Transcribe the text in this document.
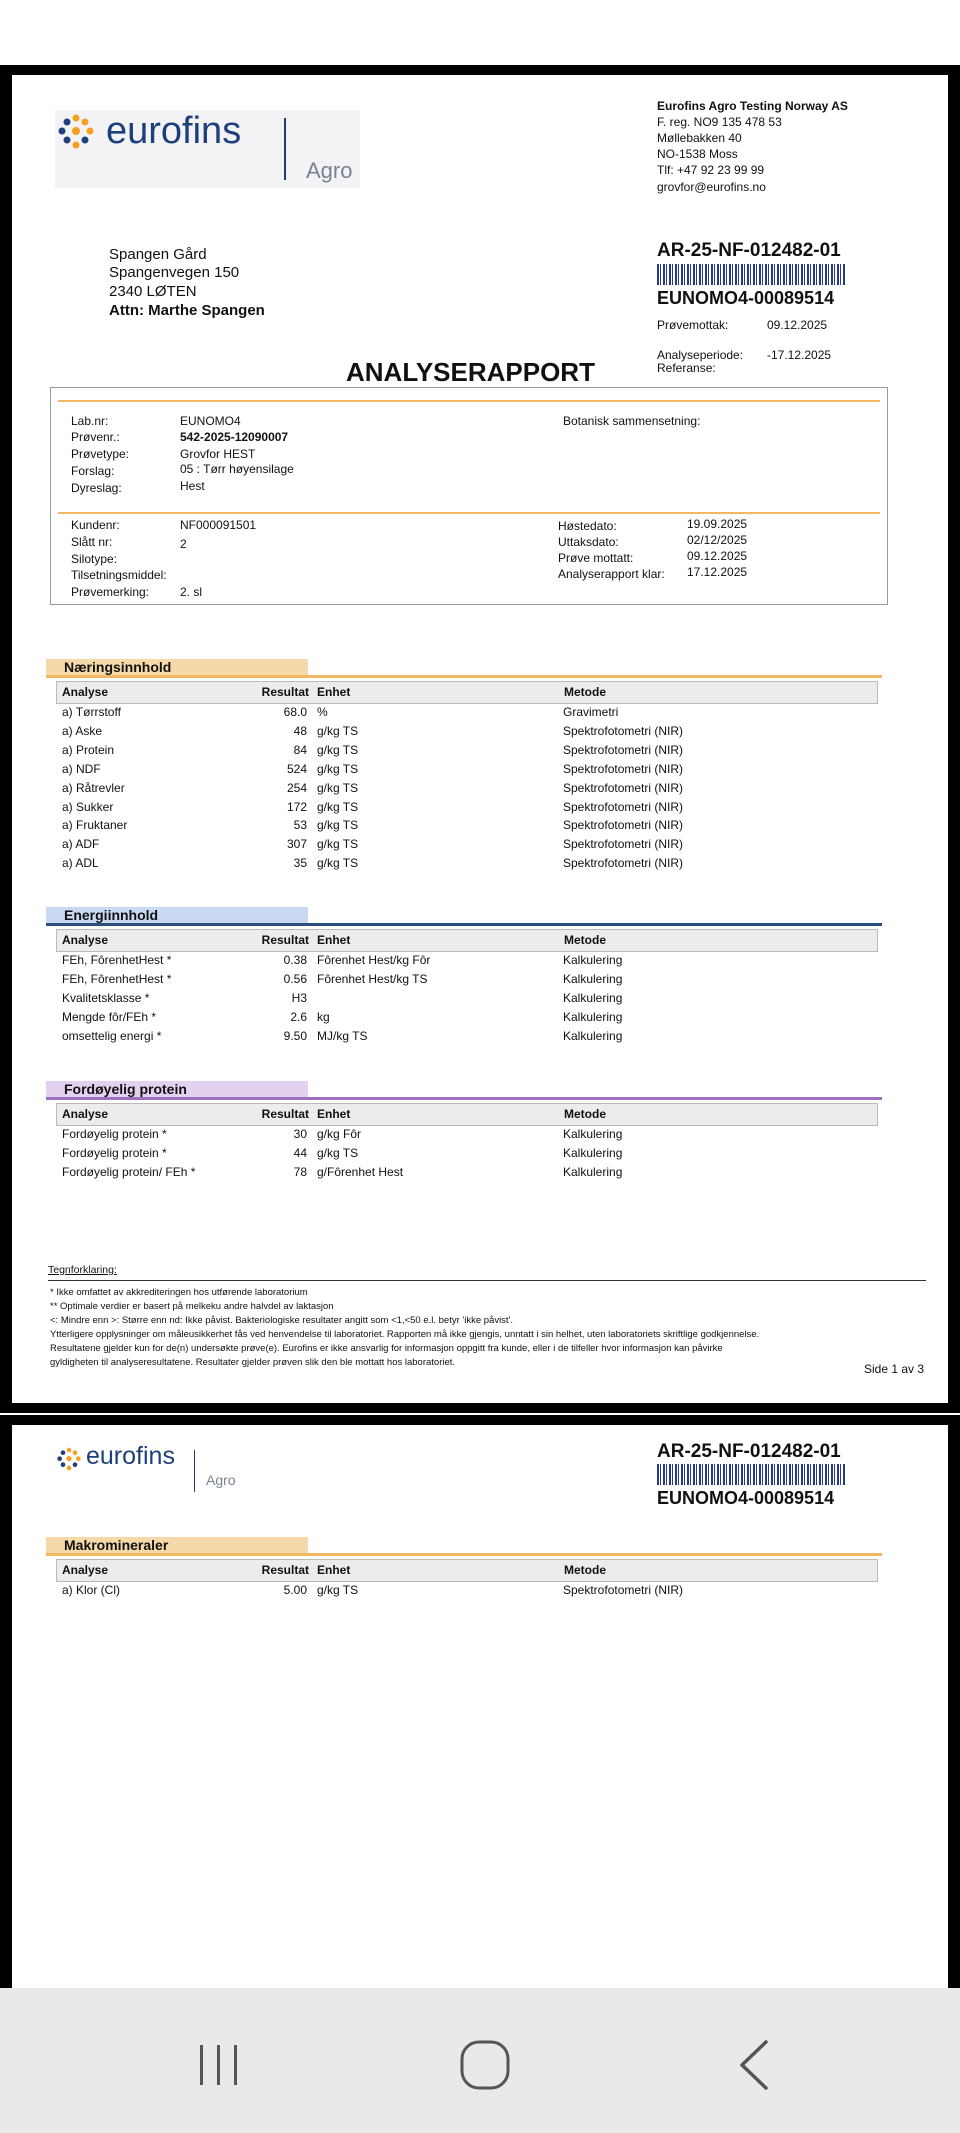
eurofins
Agro
Eurofins Agro Testing Norway AS
F. reg. NO9 135 478 53
Møllebakken 40
NO-1538 Moss
Tlf: +47 92 23 99 99
grovfor@eurofins.no
Spangen Gård
Spangenvegen 150
2340 LØTEN
Attn: Marthe Spangen
AR-25-NF-012482-01
EUNOMO4-00089514
Prøvemottak:	09.12.2025
Analyseperiode: -17.12.2025
Referanse:
ANALYSERAPPORT
Lab.nr:	EUNOMO4
Prøvenr.:	542-2025-12090007
Prøvetype:	Grovfor HEST
Forslag:	05 : Tørr høyensilage
Dyreslag:	Hest
Botanisk sammensetning:
Kundenr:	NF000091501
Slått nr:	2
Silotype:
Tilsetningsmiddel:
Prøvemerking:	2. sl
Høstedato:	19.09.2025
Uttaksdato:	02/12/2025
Prøve mottatt:	09.12.2025
Analyserapport klar: 17.12.2025
Næringsinnhold
Analyse	Resultat Enhet	Metode
a) Tørrstoff	68.0 %	Gravimetri
a) Aske	48 g/kg TS	Spektrofotometri (NIR)
a) Protein	84 g/kg TS	Spektrofotometri (NIR)
a) NDF	524 g/kg TS	Spektrofotometri (NIR)
a) Råtrevler	254 g/kg TS	Spektrofotometri (NIR)
a) Sukker	172 g/kg TS	Spektrofotometri (NIR)
a) Fruktaner	53 g/kg TS	Spektrofotometri (NIR)
a) ADF	307 g/kg TS	Spektrofotometri (NIR)
a) ADL	35 g/kg TS	Spektrofotometri (NIR)
Energiinnhold
Analyse	Resultat Enhet	Metode
FEh, FôrenhetHest *	0.38 Fôrenhet Hest/kg Fôr	Kalkulering
FEh, FôrenhetHest *	0.56 Fôrenhet Hest/kg TS	Kalkulering
Kvalitetsklasse *	H3	Kalkulering
Mengde fôr/FEh *	2.6 kg	Kalkulering
omsettelig energi *	9.50 MJ/kg TS	Kalkulering
Fordøyelig protein
Analyse	Resultat Enhet	Metode
Fordøyelig protein *	30 g/kg Fôr	Kalkulering
Fordøyelig protein *	44 g/kg TS	Kalkulering
Fordøyelig protein/ FEh *	78 g/Fôrenhet Hest	Kalkulering
Makromineraler
Analyse	Resultat Enhet	Metode
a) Klor (Cl)	5.00 g/kg TS	Spektrofotometri (NIR)
Tegnforklaring:
* Ikke omfattet av akkrediteringen hos utførende laboratorium
** Optimale verdier er basert på melkeku andre halvdel av laktasjon
<: Mindre enn >: Større enn nd: Ikke påvist. Bakteriologiske resultater angitt som <1,<50 e.l. betyr 'ikke påvist'.
Ytterligere opplysninger om måleusikkerhet fås ved henvendelse til laboratoriet. Rapporten må ikke gjengis, unntatt i sin helhet, uten laboratoriets skriftlige godkjennelse.
Resultatene gjelder kun for de(n) undersøkte prøve(e). Eurofins er ikke ansvarlig for informasjon oppgitt fra kunde, eller i de tilfeller hvor informasjon kan påvirke
gyldigheten til analyseresultatene. Resultater gjelder prøven slik den ble mottatt hos laboratoriet.	Side 1 av 3
eurofins
Agro
AR-25-NF-012482-01
EUNOMO4-00089514
